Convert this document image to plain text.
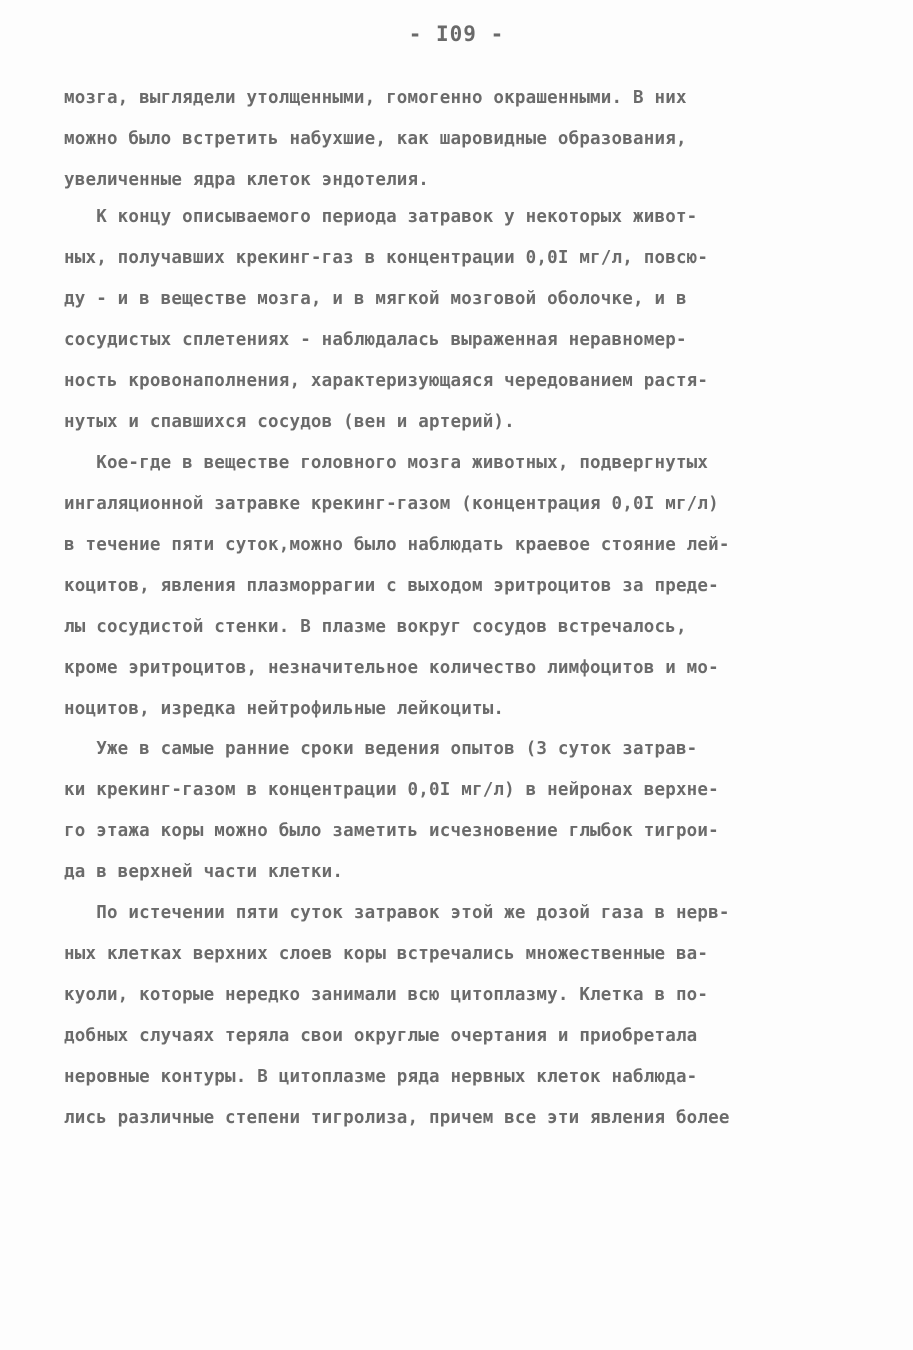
- I09 -
мозга, выглядели утолщенными, гомогенно окрашенными. В них
можно было встретить набухшие, как шаровидные образования,
увеличенные ядра клеток эндотелия.
К концу описываемого периода затравок у некоторых живот-
ных, получавших крекинг-газ в концентрации 0,0I мг/л, повсю-
ду - и в веществе мозга, и в мягкой мозговой оболочке, и в
сосудистых сплетениях - наблюдалась выраженная неравномер-
ность кровонаполнения, характеризующаяся чередованием растя-
нутых и спавшихся сосудов (вен и артерий).
Кое-где в веществе головного мозга животных, подвергнутых
ингаляционной затравке крекинг-газом (концентрация 0,0I мг/л)
в течение пяти суток,можно было наблюдать краевое стояние лей-
коцитов, явления плазморрагии с выходом эритроцитов за преде-
лы сосудистой стенки. В плазме вокруг сосудов встречалось,
кроме эритроцитов, незначительное количество лимфоцитов и мо-
ноцитов, изредка нейтрофильные лейкоциты.
Уже в самые ранние сроки ведения опытов (3 суток затрав-
ки крекинг-газом в концентрации 0,0I мг/л) в нейронах верхне-
го этажа коры можно было заметить исчезновение глыбок тигрои-
да в верхней части клетки.
По истечении пяти суток затравок этой же дозой газа в нерв-
ных клетках верхних слоев коры встречались множественные ва-
куоли, которые нередко занимали всю цитоплазму. Клетка в по-
добных случаях теряла свои округлые очертания и приобретала
неровные контуры. В цитоплазме ряда нервных клеток наблюда-
лись различные степени тигролиза, причем все эти явления более
